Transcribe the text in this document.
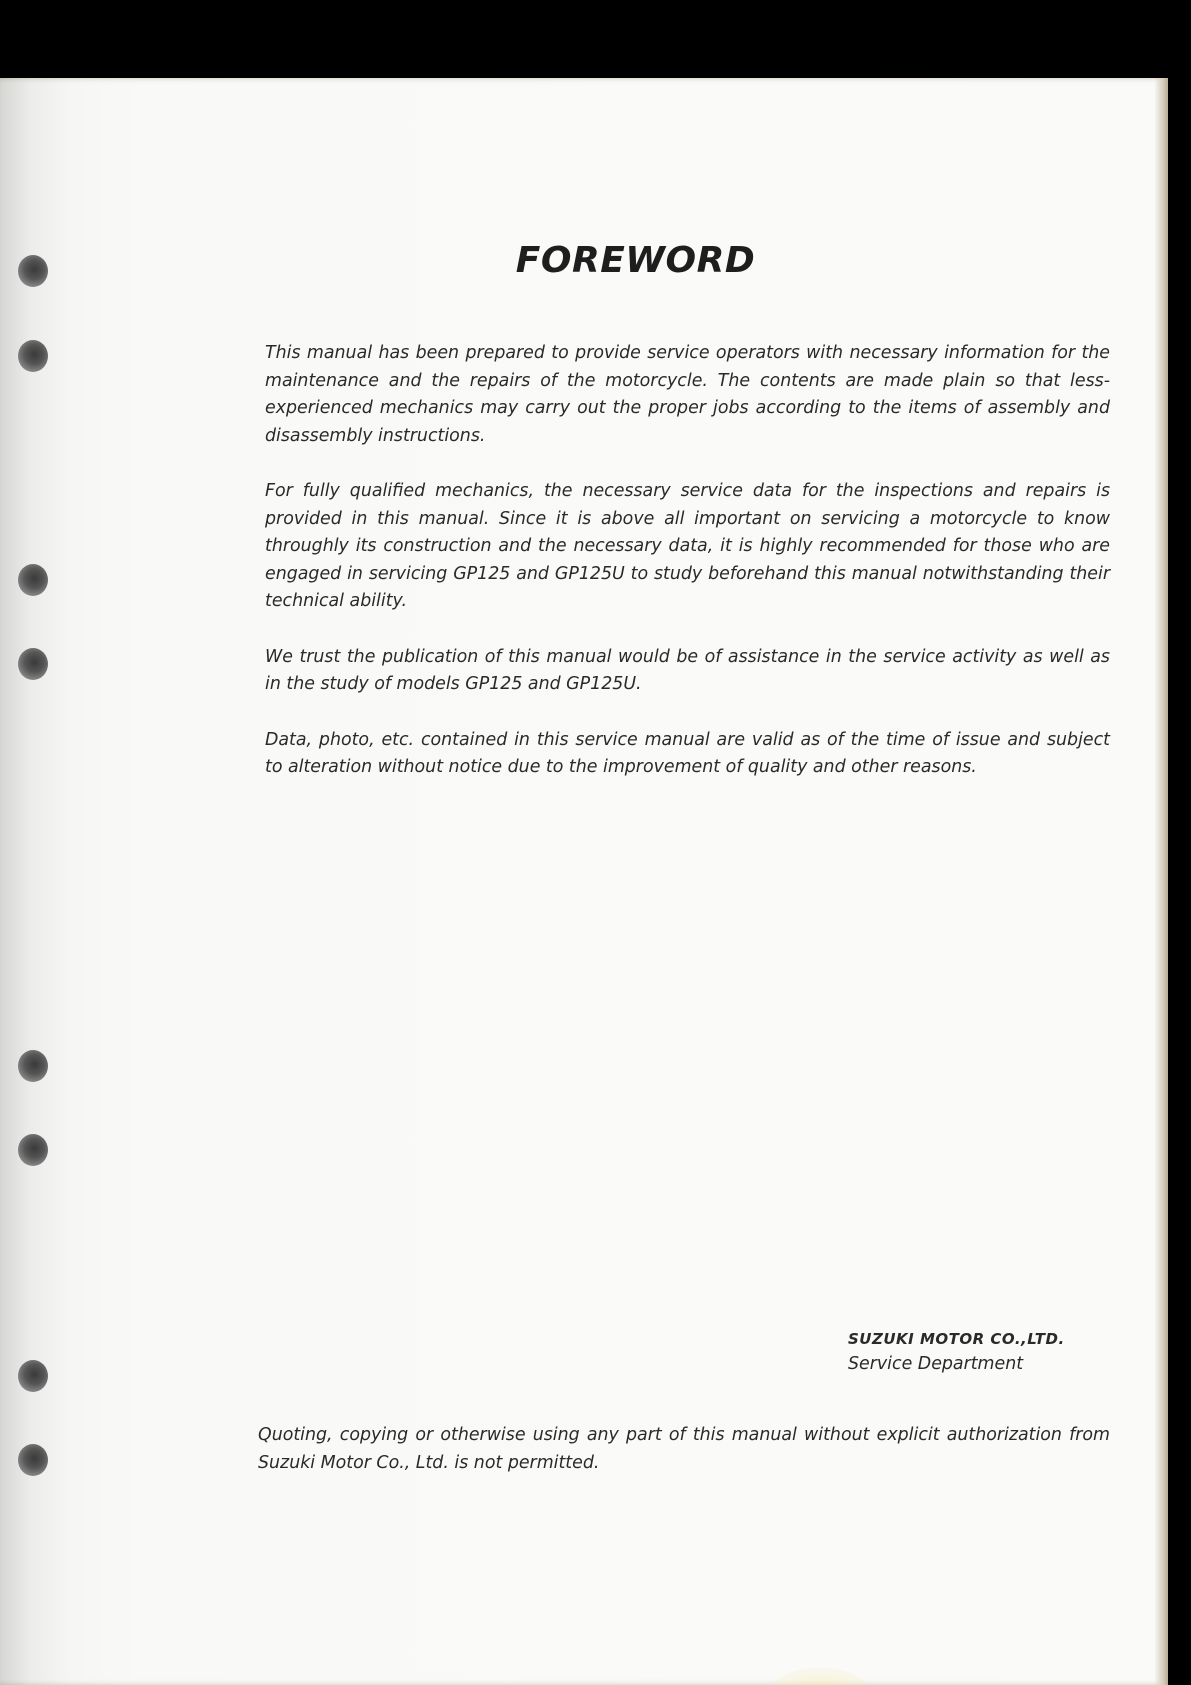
FOREWORD

This manual has been prepared to provide service operators with necessary information for the maintenance and the repairs of the motorcycle. The contents are made plain so that less-experienced mechanics may carry out the proper jobs according to the items of assembly and disassembly instructions.

For fully qualified mechanics, the necessary service data for the inspections and repairs is provided in this manual. Since it is above all important on servicing a motorcycle to know throughly its construction and the necessary data, it is highly recommended for those who are engaged in servicing GP125 and GP125U to study beforehand this manual notwithstanding their technical ability.

We trust the publication of this manual would be of assistance in the service activity as well as in the study of models GP125 and GP125U.

Data, photo, etc. contained in this service manual are valid as of the time of issue and subject to alteration without notice due to the improvement of quality and other reasons.

SUZUKI MOTOR CO.,LTD.
Service Department
Quoting, copying or otherwise using any part of this manual without explicit authorization from Suzuki Motor Co., Ltd. is not permitted.
